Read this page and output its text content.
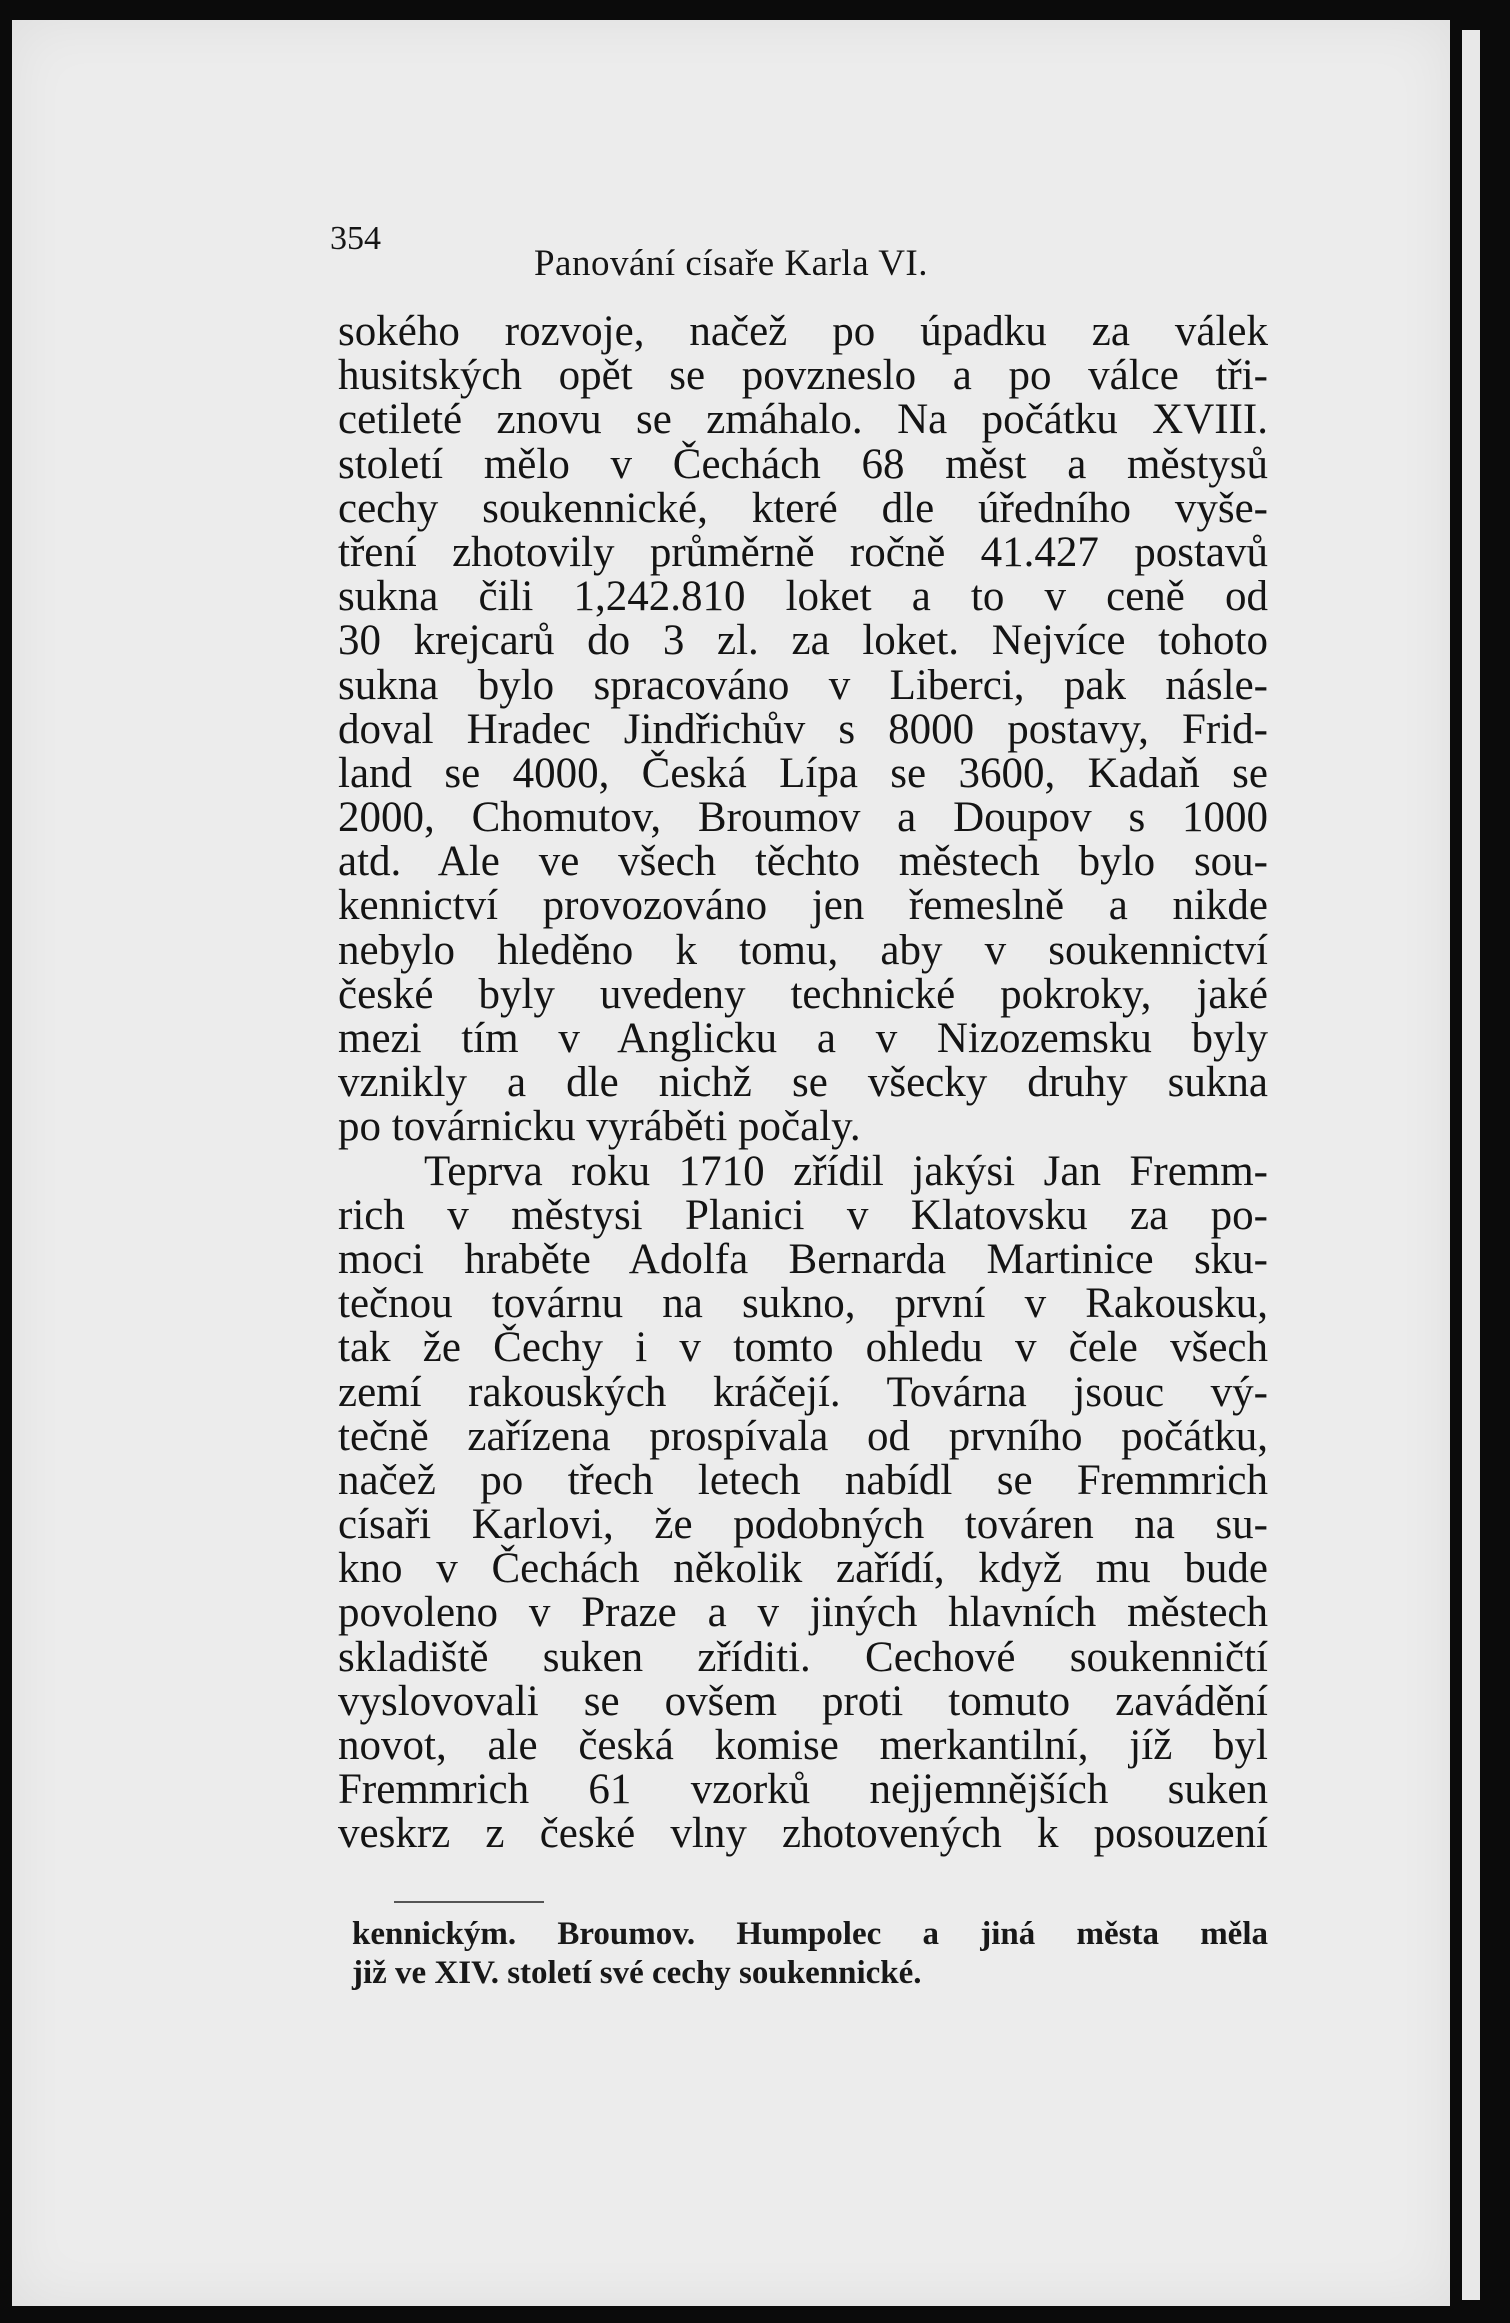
354
Panování císaře Karla VI.
sokého rozvoje, načež po úpadku za válek
husitských opět se povzneslo a po válce tři-
cetileté znovu se zmáhalo. Na počátku XVIII.
století mělo v Čechách 68 měst a městysů
cechy soukennické, které dle úředního vyše-
tření zhotovily průměrně ročně 41.427 postavů
sukna čili 1,242.810 loket a to v ceně od
30 krejcarů do 3 zl. za loket. Nejvíce tohoto
sukna bylo spracováno v Liberci, pak násle-
doval Hradec Jindřichův s 8000 postavy, Frid-
land se 4000, Česká Lípa se 3600, Kadaň se
2000, Chomutov, Broumov a Doupov s 1000
atd. Ale ve všech těchto městech bylo sou-
kennictví provozováno jen řemeslně a nikde
nebylo hleděno k tomu, aby v soukennictví
české byly uvedeny technické pokroky, jaké
mezi tím v Anglicku a v Nizozemsku byly
vznikly a dle nichž se všecky druhy sukna
po továrnicku vyráběti počaly.
Teprva roku 1710 zřídil jakýsi Jan Fremm-
rich v městysi Planici v Klatovsku za po-
moci hraběte Adolfa Bernarda Martinice sku-
tečnou továrnu na sukno, první v Rakousku,
tak že Čechy i v tomto ohledu v čele všech
zemí rakouských kráčejí. Továrna jsouc vý-
tečně zařízena prospívala od prvního počátku,
načež po třech letech nabídl se Fremmrich
císaři Karlovi, že podobných továren na su-
kno v Čechách několik zařídí, když mu bude
povoleno v Praze a v jiných hlavních městech
skladiště suken zříditi. Cechové soukenničtí
vyslovovali se ovšem proti tomuto zavádění
novot, ale česká komise merkantilní, jíž byl
Fremmrich 61 vzorků nejjemnějších suken
veskrz z české vlny zhotovených k posouzení
kennickým. Broumov. Humpolec a jiná města měla
již ve XIV. století své cechy soukennické.
